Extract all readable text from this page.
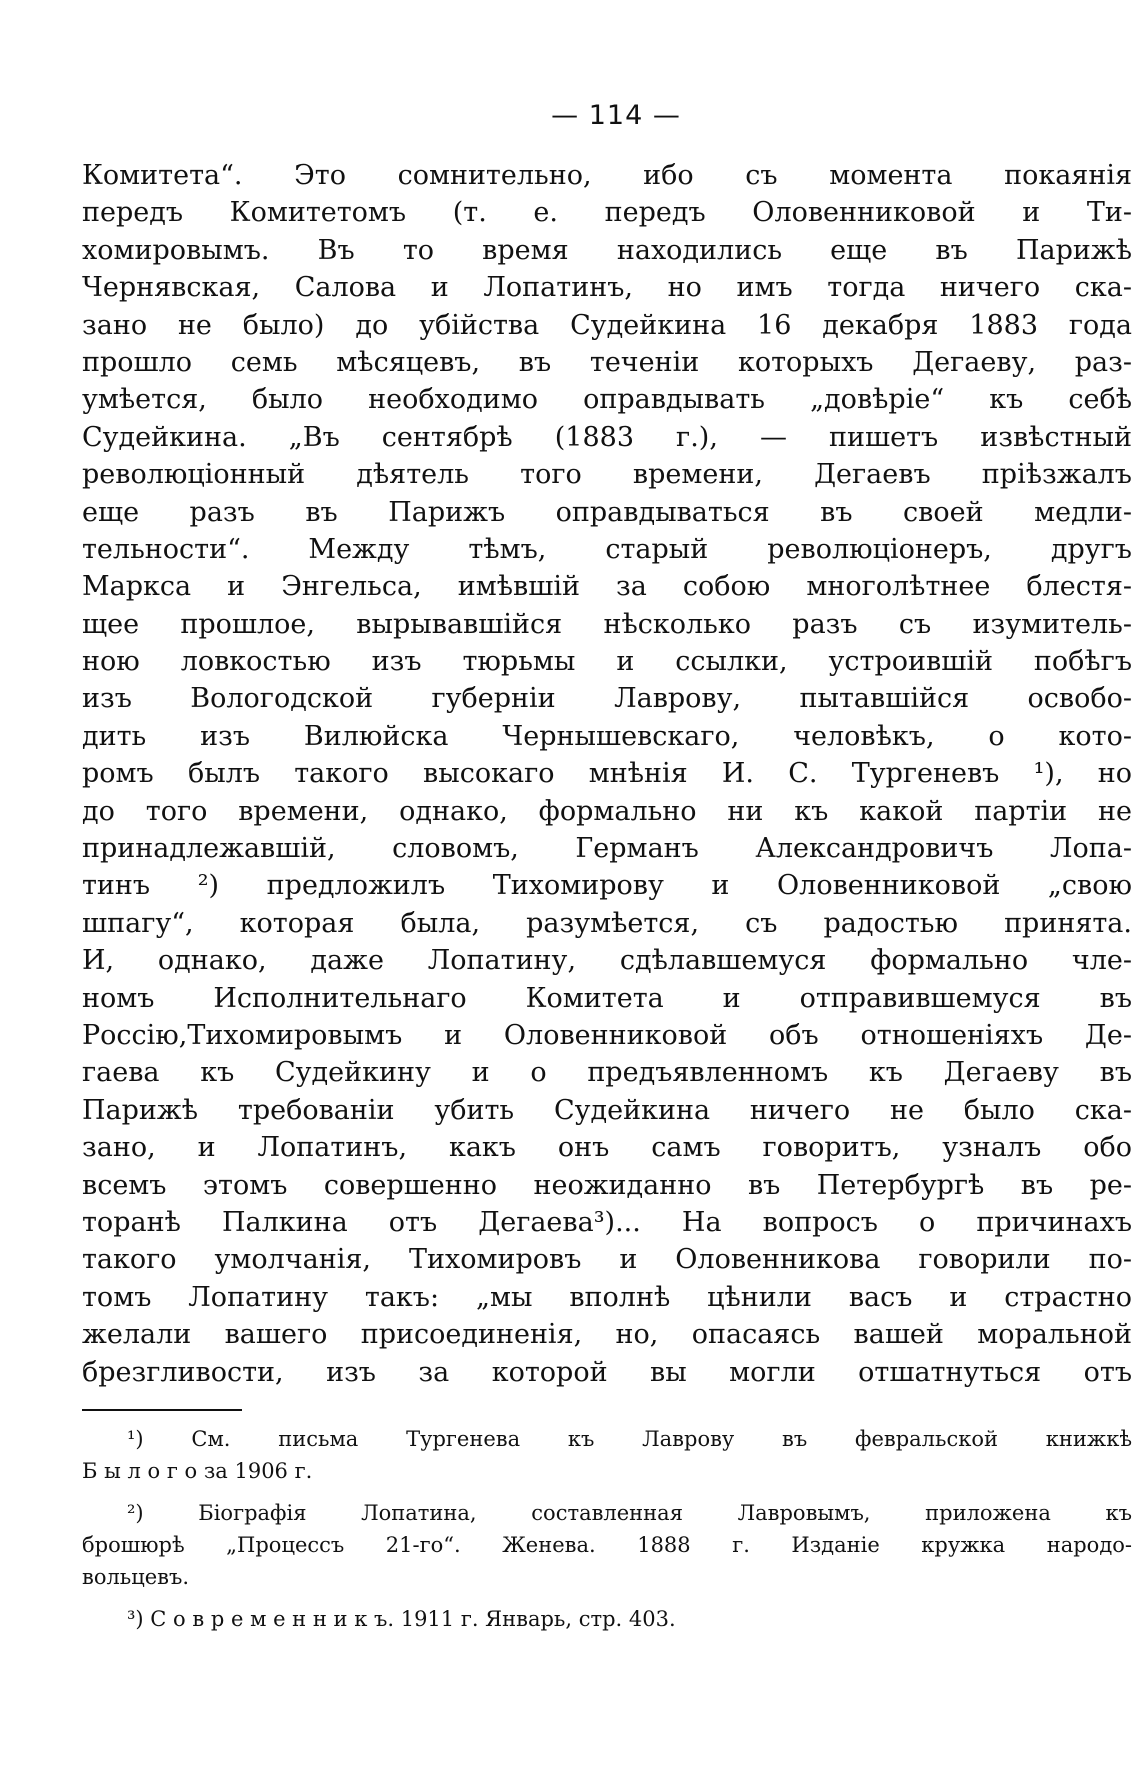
— 114 —
Комитета“. Это сомнительно, ибо съ момента покаянія
передъ Комитетомъ (т. е. передъ Оловенниковой и Ти-
хомировымъ. Въ то время находились еще въ Парижѣ
Чернявская, Салова и Лопатинъ, но имъ тогда ничего ска-
зано не было) до убійства Судейкина 16 декабря 1883 года
прошло семь мѣсяцевъ, въ теченіи которыхъ Дегаеву, раз-
умѣется, было необходимо оправдывать „довѣріе“ къ себѣ
Судейкина. „Въ сентябрѣ (1883 г.), — пишетъ извѣстный
революціонный дѣятель того времени, Дегаевъ пріѣзжалъ
еще разъ въ Парижъ оправдываться въ своей медли-
тельности“. Между тѣмъ, старый революціонеръ, другъ
Маркса и Энгельса, имѣвшій за собою многолѣтнее блестя-
щее прошлое, вырывавшійся нѣсколько разъ съ изумитель-
ною ловкостью изъ тюрьмы и ссылки, устроившій побѣгъ
изъ Вологодской губерніи Лаврову, пытавшійся освобо-
дить изъ Вилюйска Чернышевскаго, человѣкъ, о кото-
ромъ былъ такого высокаго мнѣнія И. С. Тургеневъ ¹), но
до того времени, однако, формально ни къ какой партіи не
принадлежавшій, словомъ, Германъ Александровичъ Лопа-
тинъ ²) предложилъ Тихомирову и Оловенниковой „свою
шпагу“, которая была, разумѣется, съ радостью принята.
И, однако, даже Лопатину, сдѣлавшемуся формально чле-
номъ Исполнительнаго Комитета и отправившемуся въ
Россію,Тихомировымъ и Оловенниковой объ отношеніяхъ Де-
гаева къ Судейкину и о предъявленномъ къ Дегаеву въ
Парижѣ требованіи убить Судейкина ничего не было ска-
зано, и Лопатинъ, какъ онъ самъ говоритъ, узналъ обо
всемъ этомъ совершенно неожиданно въ Петербургѣ въ ре-
торанѣ Палкина отъ Дегаева³)... На вопросъ о причинахъ
такого умолчанія, Тихомировъ и Оловенникова говорили по-
томъ Лопатину такъ: „мы вполнѣ цѣнили васъ и страстно
желали вашего присоединенія, но, опасаясь вашей моральной
брезгливости, изъ за которой вы могли отшатнуться отъ
¹) См. письма Тургенева къ Лаврову въ февральской книжкѣ
Б ы л о г о за 1906 г.
²) Біографія Лопатина, составленная Лавровымъ, приложена къ
брошюрѣ „Процессъ 21-го“. Женева. 1888 г. Изданіе кружка народо-
вольцевъ.
³) С о в р е м е н н и к ъ. 1911 г. Январь, стр. 403.
